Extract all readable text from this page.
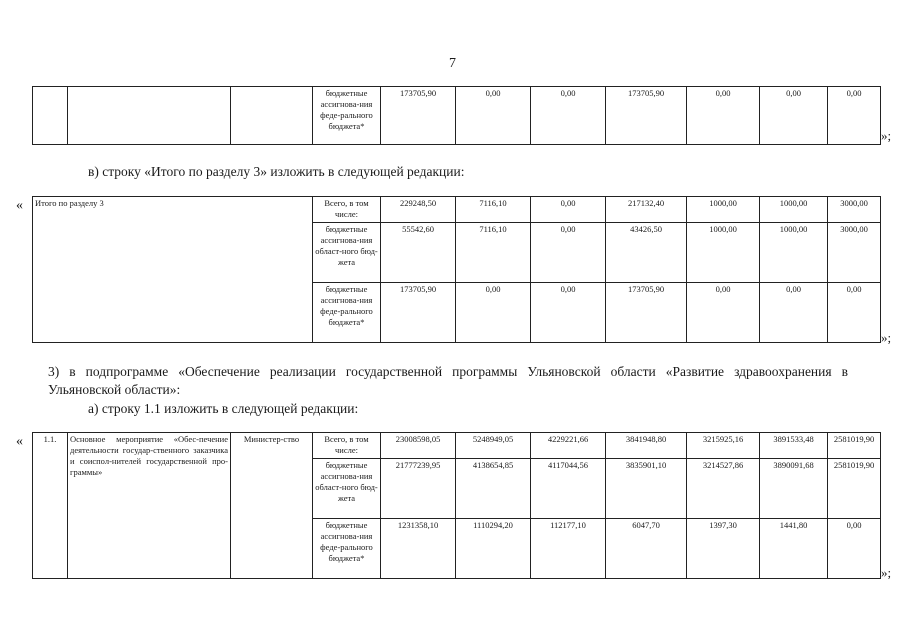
7
			бюджетные ассигнова-ния феде-рального бюджета*	173705,90	0,00	0,00	173705,90	0,00	0,00	0,00
»;
в) строку «Итого по разделу 3» изложить в следующей редакции:
« Итого по разделу 3	Всего, в том числе:	229248,50	7116,10	0,00	217132,40	1000,00	1000,00	3000,00
	бюджетные ассигнова-ния област-ного бюд-жета	55542,60	7116,10	0,00	43426,50	1000,00	1000,00	3000,00
	бюджетные ассигнова-ния феде-рального бюджета*	173705,90	0,00	0,00	173705,90	0,00	0,00	0,00
»;
3) в подпрограмме «Обеспечение реализации государственной программы Ульяновской области «Развитие здравоохранения в Ульяновской области»:
а) строку 1.1 изложить в следующей редакции:
« 1.1.	Основное мероприятие «Обес-печение деятельности государ-ственного заказчика и соиспол-нителей государственной про-граммы»	Министер-ство	Всего, в том числе:	23008598,05	5248949,05	4229221,66	3841948,80	3215925,16	3891533,48	2581019,90
			бюджетные ассигнова-ния област-ного бюд-жета	21777239,95	4138654,85	4117044,56	3835901,10	3214527,86	3890091,68	2581019,90
			бюджетные ассигнова-ния феде-рального бюджета*	1231358,10	1110294,20	112177,10	6047,70	1397,30	1441,80	0,00
»;
